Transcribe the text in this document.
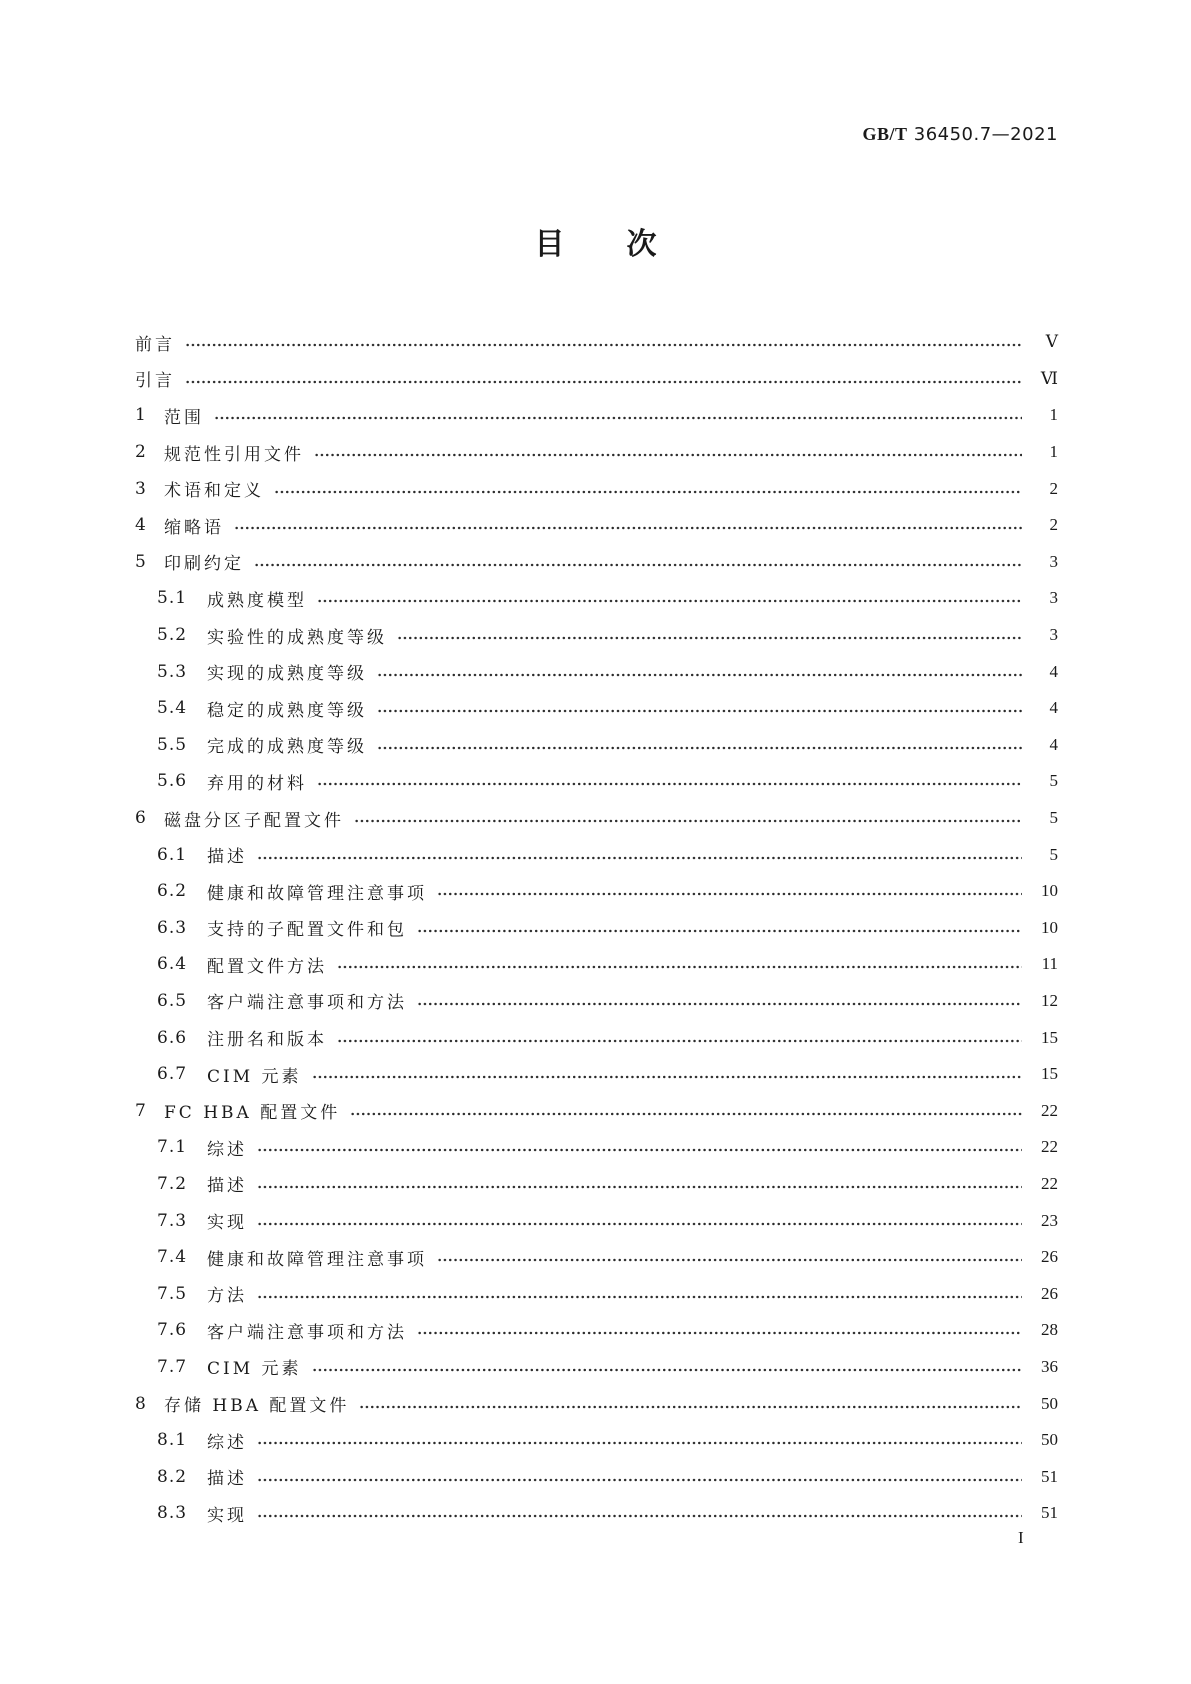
GB/T 36450.7—2021
目次
前言	Ⅴ
引言	Ⅵ
1	范围	1
2	规范性引用文件	1
3	术语和定义	2
4	缩略语	2
5	印刷约定	3
5.1	成熟度模型	3
5.2	实验性的成熟度等级	3
5.3	实现的成熟度等级	4
5.4	稳定的成熟度等级	4
5.5	完成的成熟度等级	4
5.6	弃用的材料	5
6	磁盘分区子配置文件	5
6.1	描述	5
6.2	健康和故障管理注意事项	10
6.3	支持的子配置文件和包	10
6.4	配置文件方法	11
6.5	客户端注意事项和方法	12
6.6	注册名和版本	15
6.7	CIM 元素	15
7	FC HBA 配置文件	22
7.1	综述	22
7.2	描述	22
7.3	实现	23
7.4	健康和故障管理注意事项	26
7.5	方法	26
7.6	客户端注意事项和方法	28
7.7	CIM 元素	36
8	存储 HBA 配置文件	50
8.1	综述	50
8.2	描述	51
8.3	实现	51
I
